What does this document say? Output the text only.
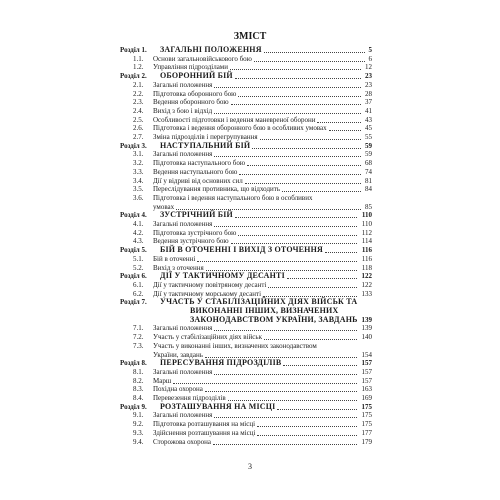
ЗМІСТ
Розділ 1. ЗАГАЛЬНІ ПОЛОЖЕННЯ	5
1.1. Основи загальновійськового бою	6
1.2. Управління підрозділами	12
Розділ 2. ОБОРОННИЙ БІЙ	23
2.1. Загальні положення	23
2.2. Підготовка оборонного бою	28
2.3. Ведення оборонного бою	37
2.4. Вихід з бою і відхід	41
2.5. Особливості підготовки і ведення маневреної оборони	43
2.6. Підготовка і ведення оборонного бою в особливих умовах	45
2.7. Зміна підрозділів і перегрупування	55
Розділ 3. НАСТУПАЛЬНИЙ БІЙ	59
3.1. Загальні положення	59
3.2. Підготовка наступального бою	68
3.3. Ведення наступального бою	74
3.4. Дії у відриві від основних сил	81
3.5. Переслідування противника, що відходить	84
3.6. Підготовка і ведення наступального бою в особливих
умовах	85
Розділ 4. ЗУСТРІЧНИЙ БІЙ	110
4.1. Загальні положення	110
4.2. Підготовка зустрічного бою	112
4.3. Ведення зустрічного бою	114
Розділ 5. БІЙ В ОТОЧЕННІ І ВИХІД З ОТОЧЕННЯ	116
5.1. Бій в оточенні	116
5.2. Вихід з оточення	118
Розділ 6. ДІЇ У ТАКТИЧНОМУ ДЕСАНТІ	122
6.1. Дії у тактичному повітряному десанті	122
6.2. Дії у тактичному морському десанті	133
Розділ 7. УЧАСТЬ У СТАБІЛІЗАЦІЙНИХ ДІЯХ ВІЙСЬК ТА
ВИКОНАННІ ІНШИХ, ВИЗНАЧЕНИХ
ЗАКОНОДАВСТВОМ УКРАЇНИ, ЗАВДАНЬ 139
7.1. Загальні положення	139
7.2. Участь у стабілізаційних діях військ	140
7.3. Участь у виконанні інших, визначених законодавством
України, завдань	154
Розділ 8. ПЕРЕСУВАННЯ ПІДРОЗДІЛІВ	157
8.1. Загальні положення	157
8.2. Марш	157
8.3. Похідна охорона	163
8.4. Перевезення підрозділів	169
Розділ 9. РОЗТАШУВАННЯ НА МІСЦІ	175
9.1. Загальні положення	175
9.2. Підготовка розташування на місці	175
9.3. Здійснення розташування на місці	177
9.4. Сторожова охорона	179
3
